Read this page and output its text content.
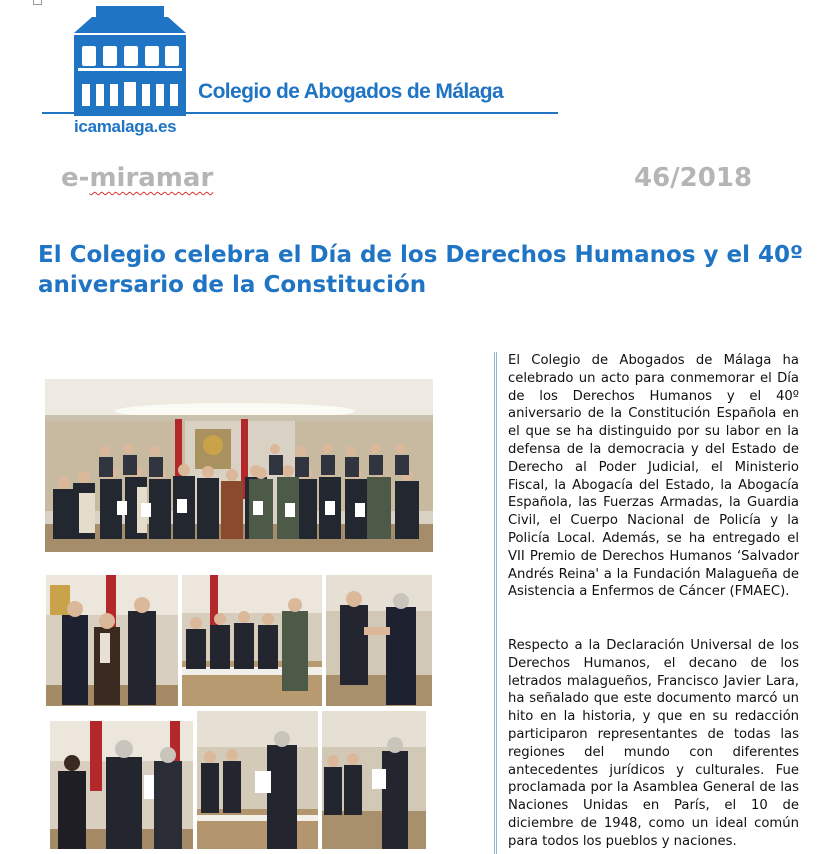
Colegio de Abogados de Málaga
icamalaga.es
e-miramar	46/2018
El Colegio celebra el Día de los Derechos Humanos y el 40º aniversario de la Constitución

El Colegio de Abogados de Málaga ha celebrado un acto para conmemorar el Día de los Derechos Humanos y el 40º aniversario de la Constitución Española en el que se ha distinguido por su labor en la defensa de la democracia y del Estado de Derecho al Poder Judicial, el Ministerio Fiscal, la Abogacía del Estado, la Abogacía Española, las Fuerzas Armadas, la Guardia Civil, el Cuerpo Nacional de Policía y la Policía Local. Además, se ha entregado el VII Premio de Derechos Humanos ‘Salvador Andrés Reina' a la Fundación Malagueña de Asistencia a Enfermos de Cáncer (FMAEC).

Respecto a la Declaración Universal de los Derechos Humanos, el decano de los letrados malagueños, Francisco Javier Lara, ha señalado que este documento marcó un hito en la historia, y que en su redacción participaron representantes de todas las regiones del mundo con diferentes antecedentes jurídicos y culturales. Fue proclamada por la Asamblea General de las Naciones Unidas en París, el 10 de diciembre de 1948, como un ideal común para todos los pueblos y naciones.
